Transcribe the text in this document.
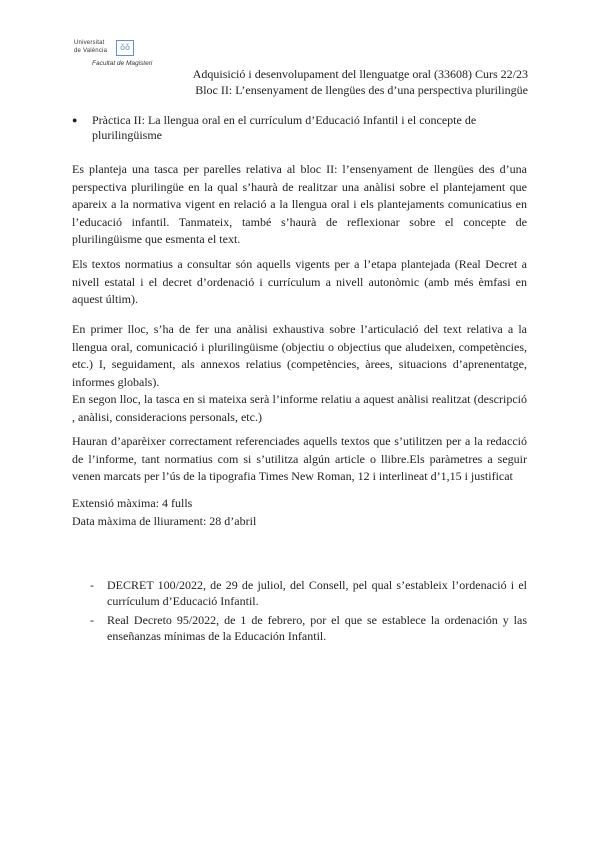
Universitat
de València	ǒǒ
Facultat de Magisteri
Adquisició i desenvolupament del llenguatge oral (33608) Curs 22/23
Bloc II: L’ensenyament de llengües des d’una perspectiva plurilingüe
● Pràctica II: La llengua oral en el currículum d’Educació Infantil i el concepte de plurilingüisme

Es planteja una tasca per parelles relativa al bloc II: l’ensenyament de llengües des d’una perspectiva plurilingüe en la qual s’haurà de realitzar una anàlisi sobre el plantejament que apareix a la normativa vigent en relació a la llengua oral i els plantejaments comunicatius en l’educació infantil. Tanmateix, també s’haurà de reflexionar sobre el concepte de plurilingüisme que esmenta el text.

Els textos normatius a consultar són aquells vigents per a l’etapa plantejada (Real Decret a nivell estatal i el decret d’ordenació i currículum a nivell autonòmic (amb més èmfasi en aquest últim).

En primer lloc, s’ha de fer una anàlisi exhaustiva sobre l’articulació del text relativa a la llengua oral, comunicació i plurilingüisme (objectiu o objectius que aludeixen, competències, etc.) I, seguidament, als annexos relatius (competències, àrees, situacions d’aprenentatge, informes globals).

En segon lloc, la tasca en si mateixa serà l’informe relatiu a aquest anàlisi realitzat (descripció , anàlisi, consideracions personals, etc.)

Hauran d’aparèixer correctament referenciades aquells textos que s’utilitzen per a la redacció de l’informe, tant normatius com si s’utilitza algún article o llibre.Els paràmetres a seguir venen marcats per l’ús de la tipografia Times New Roman, 12 i interlineat d’1,15 i justificat

Extensió màxima: 4 fulls

Data màxima de lliurament: 28 d’abril

- DECRET 100/2022, de 29 de juliol, del Consell, pel qual s’estableix l’ordenació i el currículum d’Educació Infantil.
- Real Decreto 95/2022, de 1 de febrero, por el que se establece la ordenación y las enseñanzas mínimas de la Educación Infantil.
